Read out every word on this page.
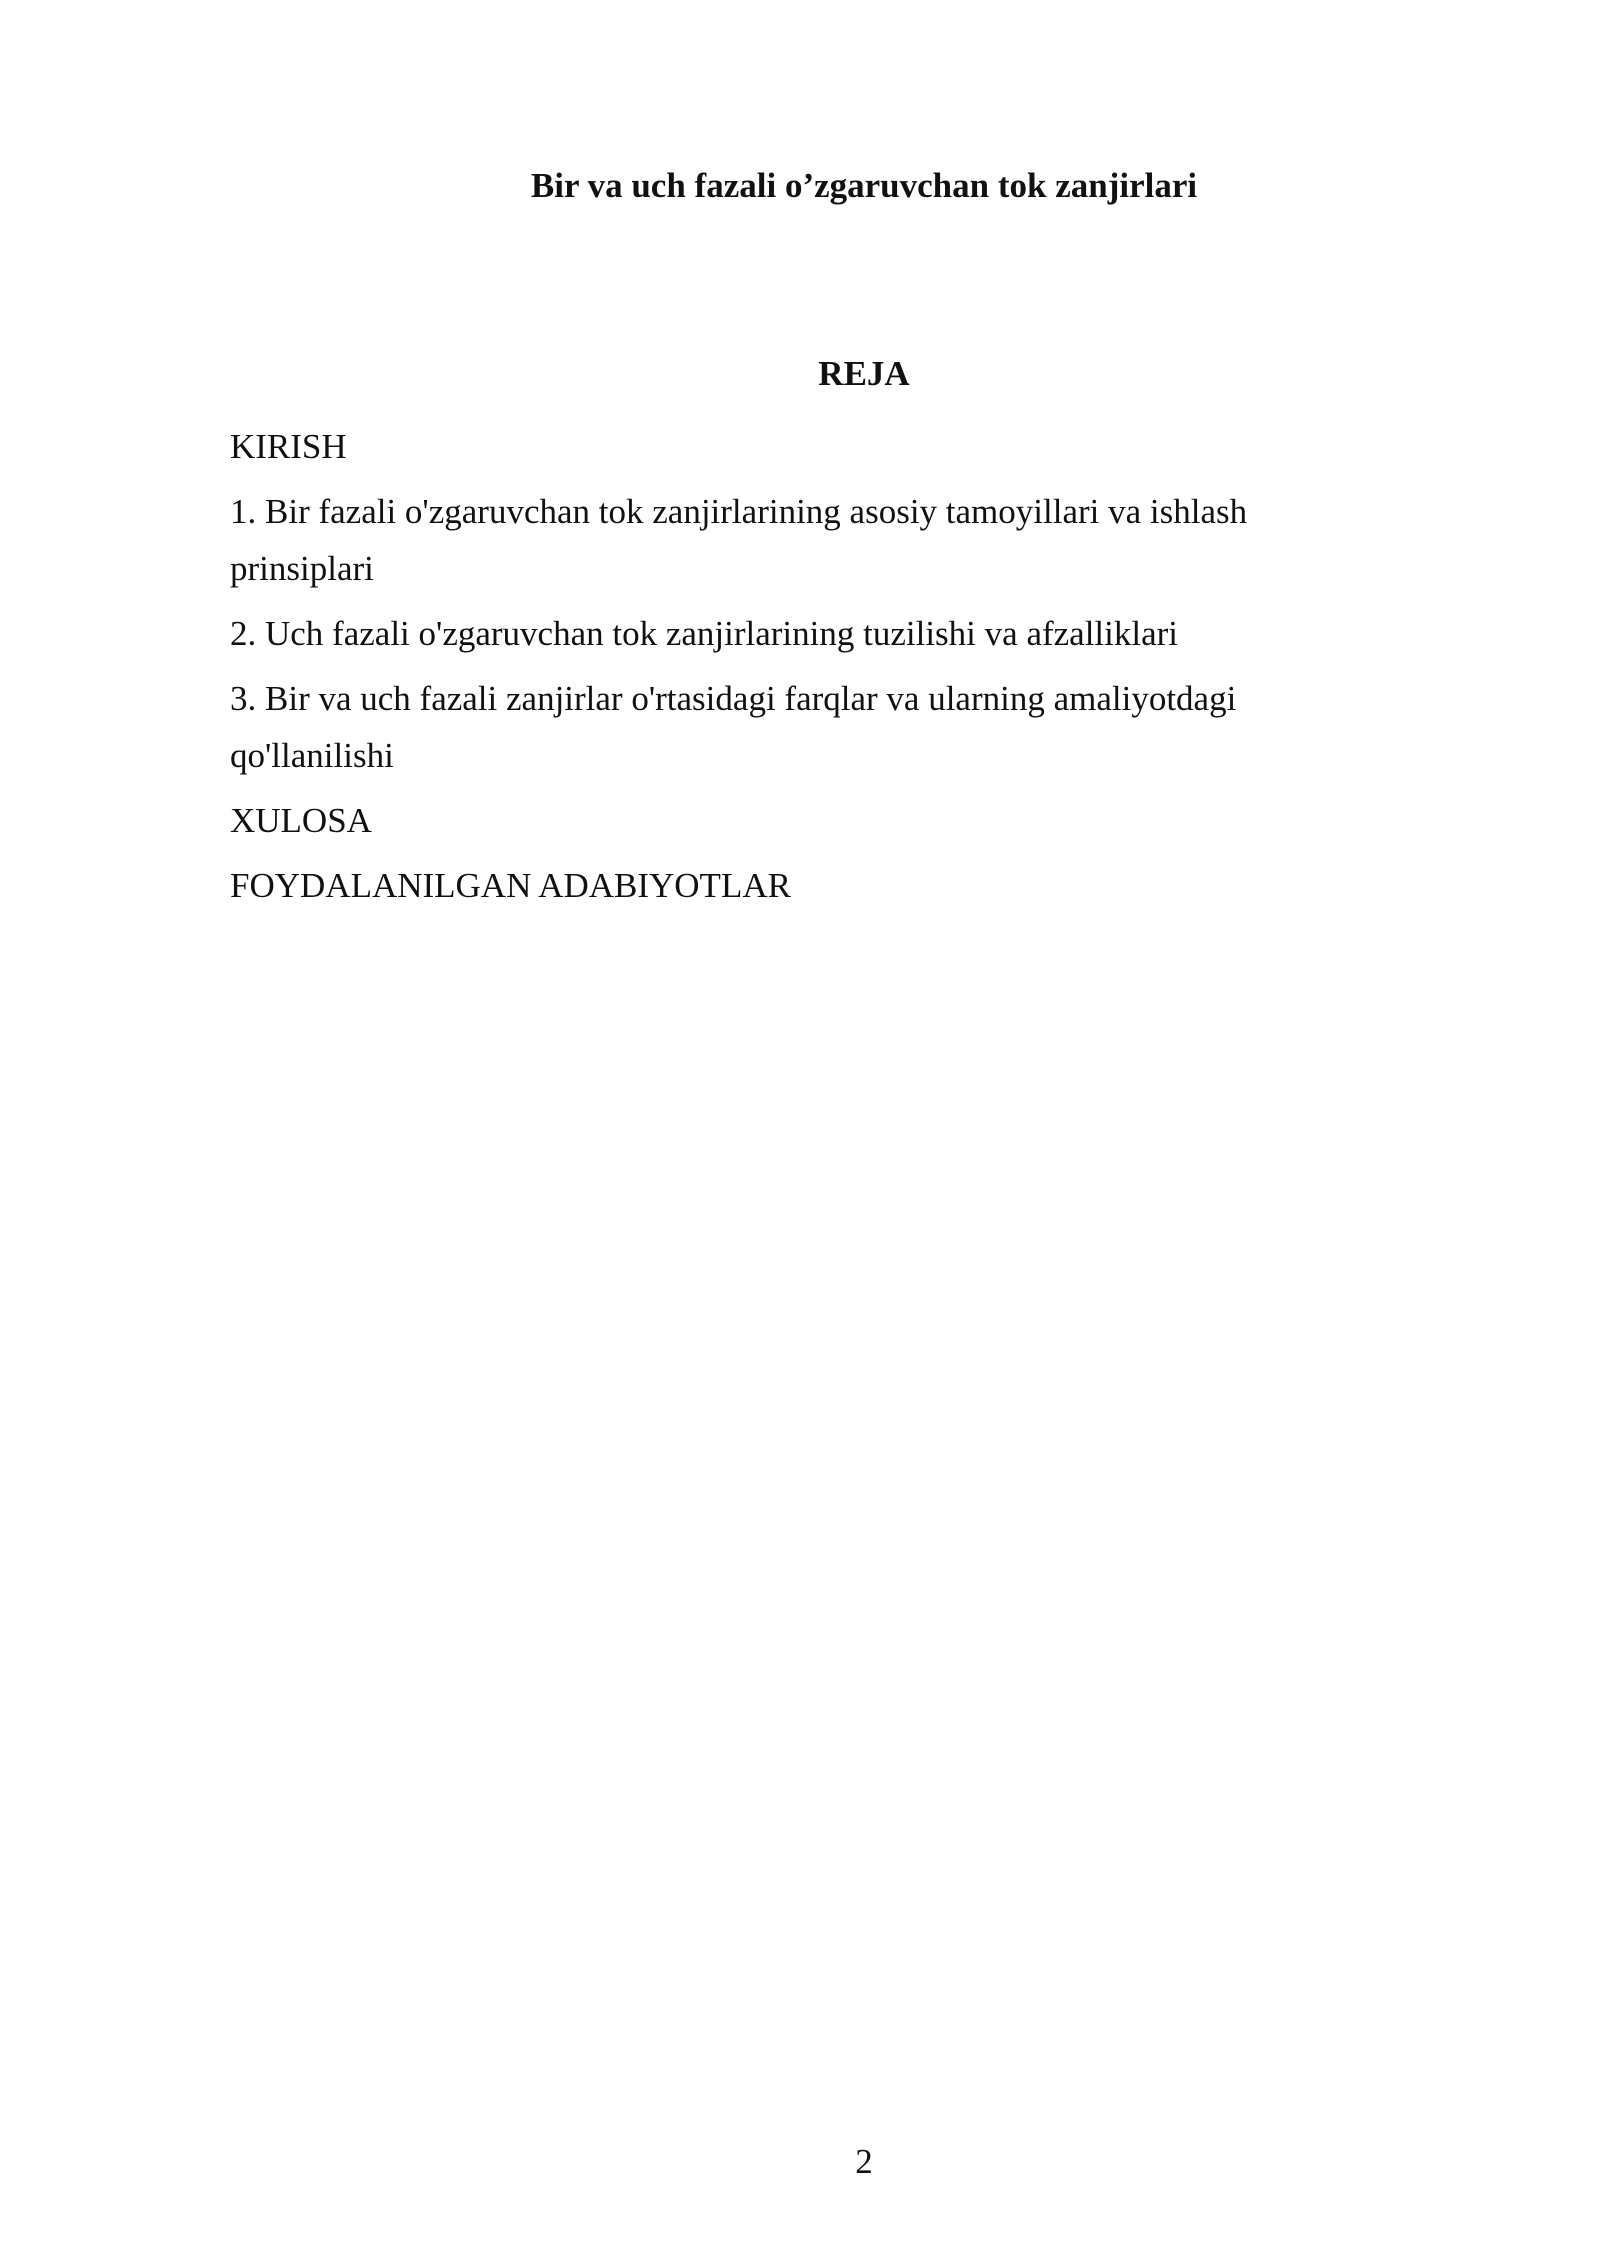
Bir va uch fazali o’zgaruvchan tok zanjirlari
REJA
KIRISH
1. Bir fazali o'zgaruvchan tok zanjirlarining asosiy tamoyillari va ishlash prinsiplari
2. Uch fazali o'zgaruvchan tok zanjirlarining tuzilishi va afzalliklari
3. Bir va uch fazali zanjirlar o'rtasidagi farqlar va ularning amaliyotdagi qo'llanilishi
XULOSA
FOYDALANILGAN ADABIYOTLAR
2
